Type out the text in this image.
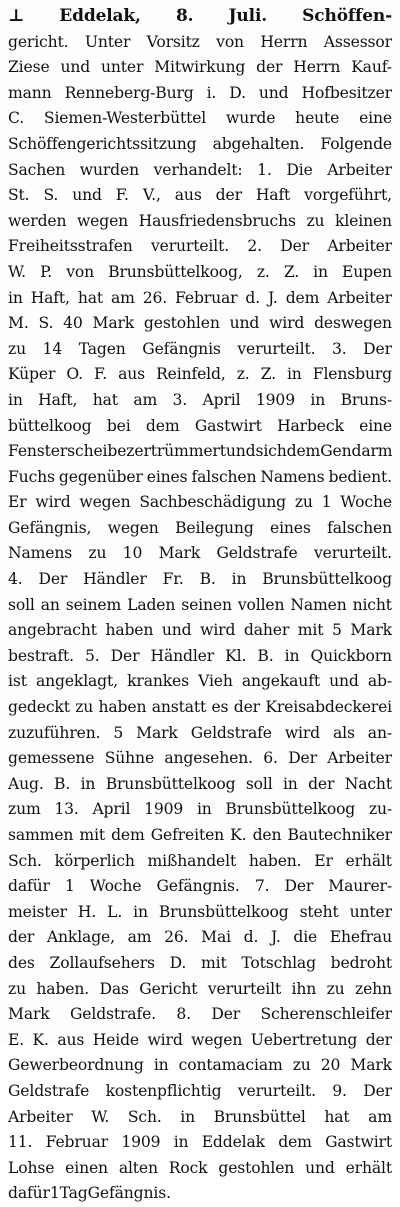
⊥ Eddelak, 8. Juli. Schöffen-
gericht. Unter Vorsitz von Herrn Assessor
Ziese und unter Mitwirkung der Herrn Kauf-
mann Renneberg-Burg i. D. und Hofbesitzer
C. Siemen-Westerbüttel wurde heute eine
Schöffengerichtssitzung abgehalten. Folgende
Sachen wurden verhandelt: 1. Die Arbeiter
St. S. und F. V., aus der Haft vorgeführt,
werden wegen Hausfriedensbruchs zu kleinen
Freiheitsstrafen verurteilt. 2. Der Arbeiter
W. P. von Brunsbüttelkoog, z. Z. in Eupen
in Haft, hat am 26. Februar d. J. dem Arbeiter
M. S. 40 Mark gestohlen und wird deswegen
zu 14 Tagen Gefängnis verurteilt. 3. Der
Küper O. F. aus Reinfeld, z. Z. in Flensburg
in Haft, hat am 3. April 1909 in Bruns-
büttelkoog bei dem Gastwirt Harbeck eine
Fensterscheibe zertrümmert und sich dem Gendarm
Fuchs gegenüber eines falschen Namens bedient.
Er wird wegen Sachbeschädigung zu 1 Woche
Gefängnis, wegen Beilegung eines falschen
Namens zu 10 Mark Geldstrafe verurteilt.
4. Der Händler Fr. B. in Brunsbüttelkoog
soll an seinem Laden seinen vollen Namen nicht
angebracht haben und wird daher mit 5 Mark
bestraft. 5. Der Händler Kl. B. in Quickborn
ist angeklagt, krankes Vieh angekauft und ab-
gedeckt zu haben anstatt es der Kreisabdeckerei
zuzuführen. 5 Mark Geldstrafe wird als an-
gemessene Sühne angesehen. 6. Der Arbeiter
Aug. B. in Brunsbüttelkoog soll in der Nacht
zum 13. April 1909 in Brunsbüttelkoog zu-
sammen mit dem Gefreiten K. den Bautechniker
Sch. körperlich mißhandelt haben. Er erhält
dafür 1 Woche Gefängnis. 7. Der Maurer-
meister H. L. in Brunsbüttelkoog steht unter
der Anklage, am 26. Mai d. J. die Ehefrau
des Zollaufsehers D. mit Totschlag bedroht
zu haben. Das Gericht verurteilt ihn zu zehn
Mark Geldstrafe. 8. Der Scherenschleifer
E. K. aus Heide wird wegen Uebertretung der
Gewerbeordnung in contamaciam zu 20 Mark
Geldstrafe kostenpflichtig verurteilt. 9. Der
Arbeiter W. Sch. in Brunsbüttel hat am
11. Februar 1909 in Eddelak dem Gastwirt
Lohse einen alten Rock gestohlen und erhält
dafür 1 Tag Gefängnis.
